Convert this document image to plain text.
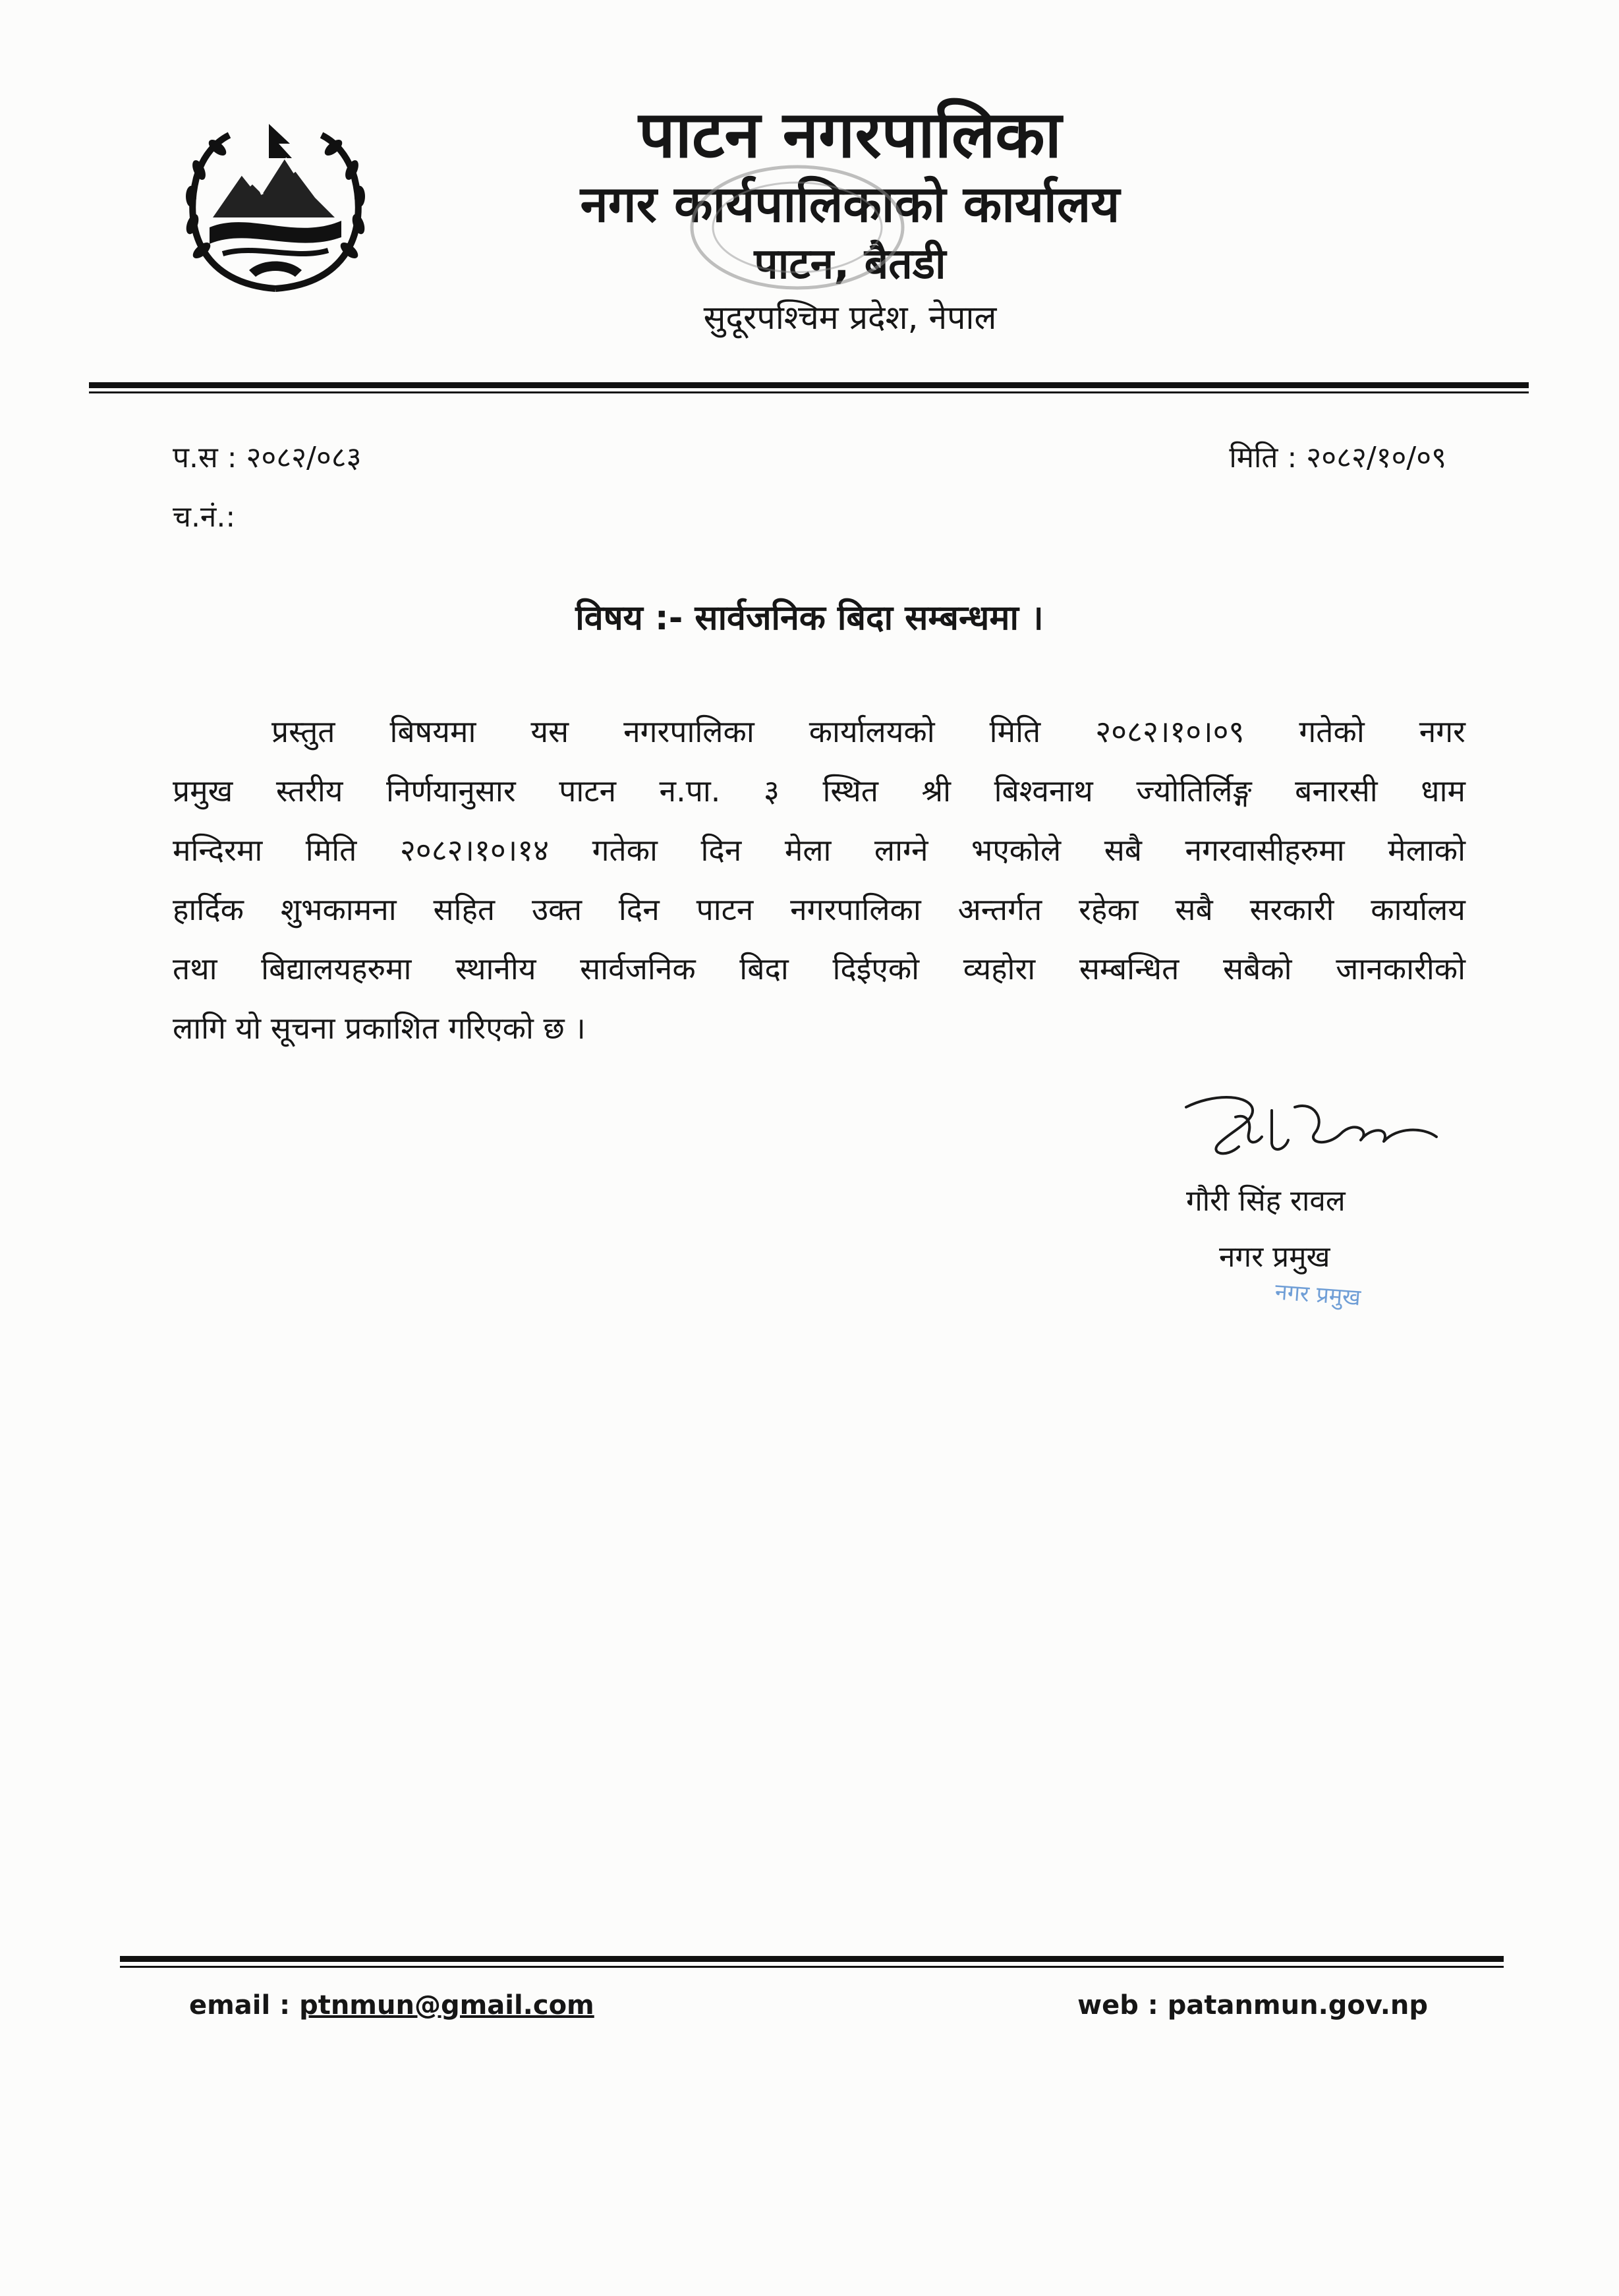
पाटन नगरपालिका
नगर कार्यपालिकाको कार्यालय
पाटन, बैतडी
सुदूरपश्चिम प्रदेश, नेपाल
प.स : २०८२/०८३
च.नं.:
मिति : २०८२/१०/०९
विषय :- सार्वजनिक बिदा सम्बन्धमा ।
प्रस्तुत बिषयमा यस नगरपालिका कार्यालयको मिति २०८२।१०।०९ गतेको नगर
प्रमुख स्तरीय निर्णयानुसार पाटन न.पा. ३ स्थित श्री बिश्वनाथ ज्योतिर्लिङ्ग बनारसी धाम
मन्दिरमा मिति २०८२।१०।१४ गतेका दिन मेला लाग्ने भएकोले सबै नगरवासीहरुमा मेलाको
हार्दिक शुभकामना सहित उक्त दिन पाटन नगरपालिका अन्तर्गत रहेका सबै सरकारी कार्यालय
तथा बिद्यालयहरुमा स्थानीय सार्वजनिक बिदा दिईएको व्यहोरा सम्बन्धित सबैको जानकारीको
लागि यो सूचना प्रकाशित गरिएको छ ।
गौरी सिंह रावल
नगर प्रमुख
नगर प्रमुख
email : ptnmun@gmail.com	web : patanmun.gov.np
